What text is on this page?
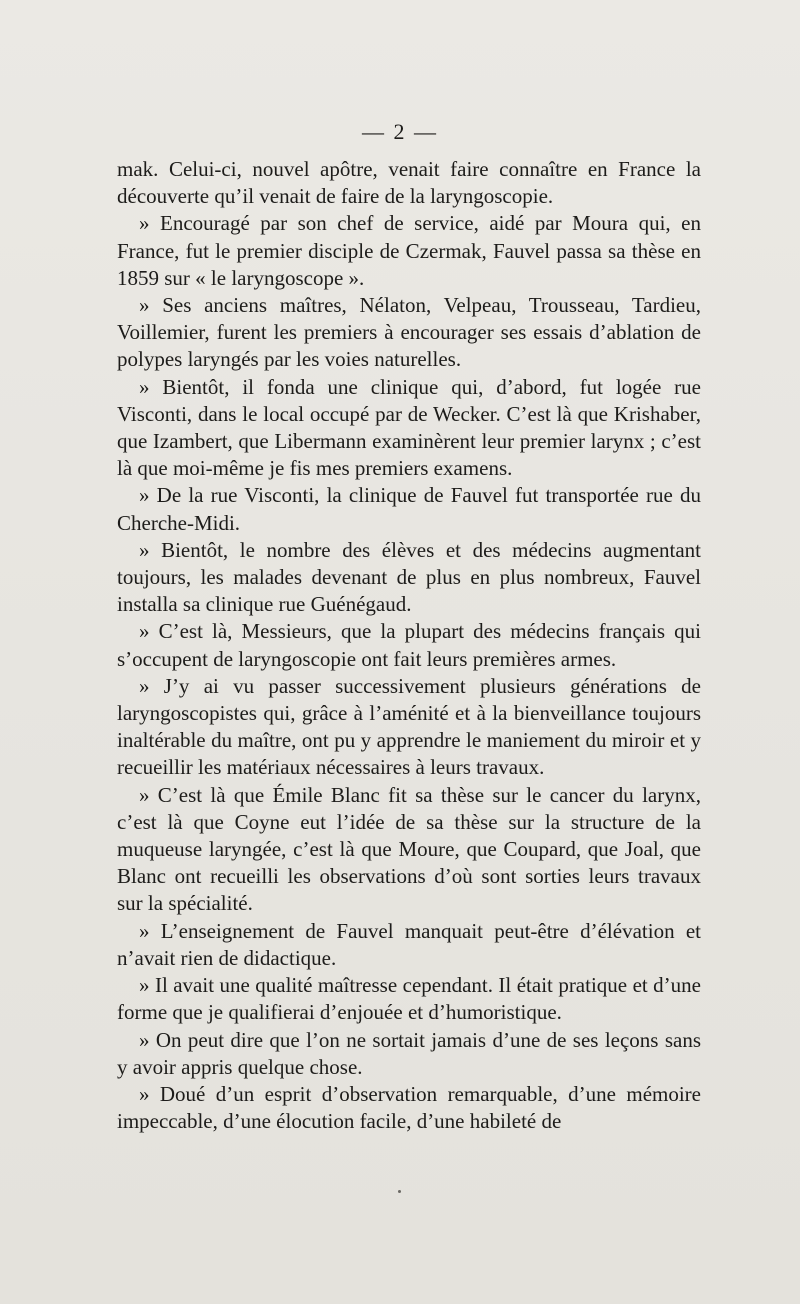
— 2 —

mak. Celui-ci, nouvel apôtre, venait faire connaître en France la découverte qu’il venait de faire de la laryngoscopie.

» Encouragé par son chef de service, aidé par Moura qui, en France, fut le premier disciple de Czermak, Fauvel passa sa thèse en 1859 sur « le laryngoscope ».

» Ses anciens maîtres, Nélaton, Velpeau, Trousseau, Tardieu, Voillemier, furent les premiers à encourager ses essais d’ablation de polypes laryngés par les voies naturelles.

» Bientôt, il fonda une clinique qui, d’abord, fut logée rue Visconti, dans le local occupé par de Wecker. C’est là que Krishaber, que Izambert, que Libermann examinèrent leur premier larynx ; c’est là que moi-même je fis mes premiers examens.

» De la rue Visconti, la clinique de Fauvel fut transportée rue du Cherche-Midi.

» Bientôt, le nombre des élèves et des médecins augmentant toujours, les malades devenant de plus en plus nombreux, Fauvel installa sa clinique rue Guénégaud.

» C’est là, Messieurs, que la plupart des médecins français qui s’occupent de laryngoscopie ont fait leurs premières armes.

» J’y ai vu passer successivement plusieurs générations de laryngoscopistes qui, grâce à l’aménité et à la bienveillance toujours inaltérable du maître, ont pu y apprendre le maniement du miroir et y recueillir les matériaux nécessaires à leurs travaux.

» C’est là que Émile Blanc fit sa thèse sur le cancer du larynx, c’est là que Coyne eut l’idée de sa thèse sur la structure de la muqueuse laryngée, c’est là que Moure, que Coupard, que Joal, que Blanc ont recueilli les observations d’où sont sorties leurs travaux sur la spécialité.

» L’enseignement de Fauvel manquait peut-être d’élévation et n’avait rien de didactique.

» Il avait une qualité maîtresse cependant. Il était pratique et d’une forme que je qualifierai d’enjouée et d’humoristique.

» On peut dire que l’on ne sortait jamais d’une de ses leçons sans y avoir appris quelque chose.

» Doué d’un esprit d’observation remarquable, d’une mémoire impeccable, d’une élocution facile, d’une habileté de
